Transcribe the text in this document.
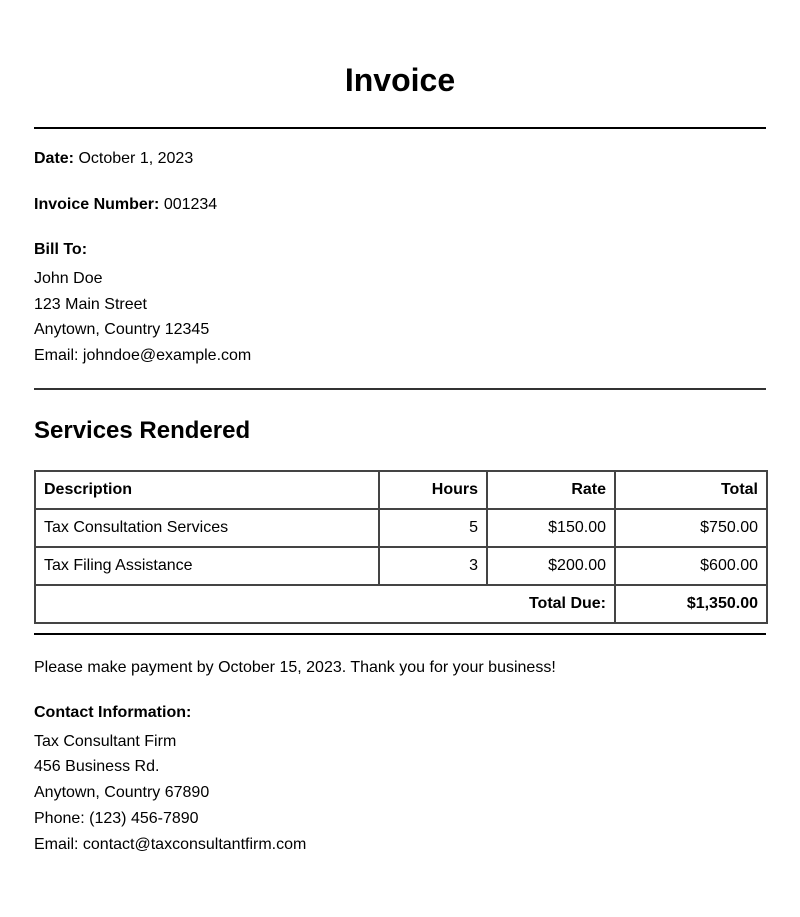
Invoice
Date: October 1, 2023
Invoice Number: 001234
Bill To:
John Doe
123 Main Street
Anytown, Country 12345
Email: johndoe@example.com
Services Rendered
Description	Hours	Rate	Total
Tax Consultation Services	5	$150.00	$750.00
Tax Filing Assistance	3	$200.00	$600.00
Total Due:			$1,350.00
Please make payment by October 15, 2023. Thank you for your business!
Contact Information:
Tax Consultant Firm
456 Business Rd.
Anytown, Country 67890
Phone: (123) 456-7890
Email: contact@taxconsultantfirm.com
